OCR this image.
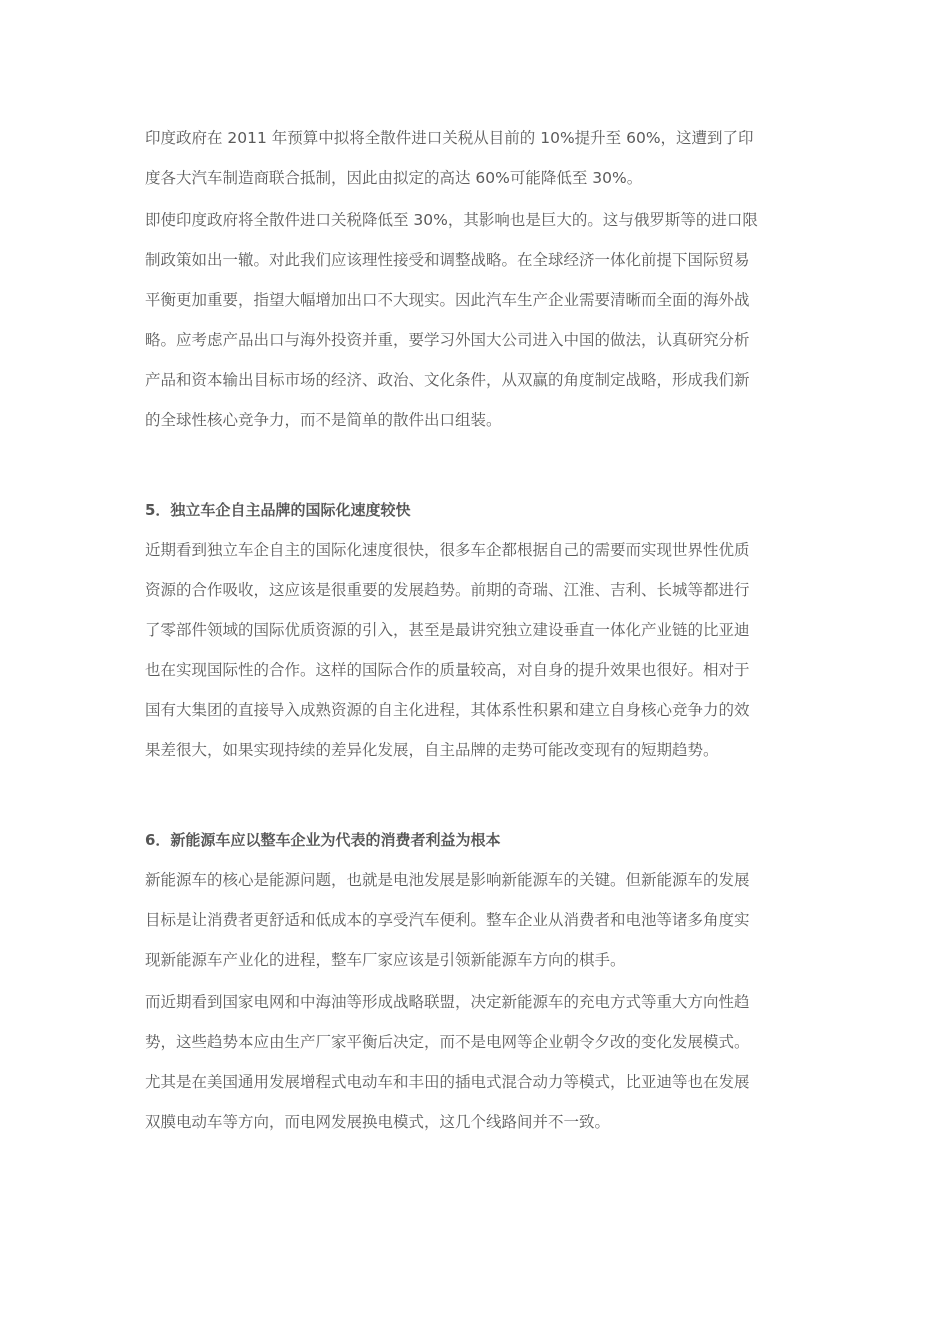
印度政府在 2011 年预算中拟将全散件进口关税从目前的 10%提升至 60%，这遭到了印
度各大汽车制造商联合抵制，因此由拟定的高达 60%可能降低至 30%。
即使印度政府将全散件进口关税降低至 30%，其影响也是巨大的。这与俄罗斯等的进口限
制政策如出一辙。对此我们应该理性接受和调整战略。在全球经济一体化前提下国际贸易
平衡更加重要，指望大幅增加出口不大现实。因此汽车生产企业需要清晰而全面的海外战
略。应考虑产品出口与海外投资并重，要学习外国大公司进入中国的做法，认真研究分析
产品和资本输出目标市场的经济、政治、文化条件，从双赢的角度制定战略，形成我们新
的全球性核心竞争力，而不是简单的散件出口组装。
5．独立车企自主品牌的国际化速度较快
近期看到独立车企自主的国际化速度很快，很多车企都根据自己的需要而实现世界性优质
资源的合作吸收，这应该是很重要的发展趋势。前期的奇瑞、江淮、吉利、长城等都进行
了零部件领域的国际优质资源的引入，甚至是最讲究独立建设垂直一体化产业链的比亚迪
也在实现国际性的合作。这样的国际合作的质量较高，对自身的提升效果也很好。相对于
国有大集团的直接导入成熟资源的自主化进程，其体系性积累和建立自身核心竞争力的效
果差很大，如果实现持续的差异化发展，自主品牌的走势可能改变现有的短期趋势。
6．新能源车应以整车企业为代表的消费者利益为根本
新能源车的核心是能源问题，也就是电池发展是影响新能源车的关键。但新能源车的发展
目标是让消费者更舒适和低成本的享受汽车便利。整车企业从消费者和电池等诸多角度实
现新能源车产业化的进程，整车厂家应该是引领新能源车方向的棋手。
而近期看到国家电网和中海油等形成战略联盟，决定新能源车的充电方式等重大方向性趋
势，这些趋势本应由生产厂家平衡后决定，而不是电网等企业朝令夕改的变化发展模式。
尤其是在美国通用发展增程式电动车和丰田的插电式混合动力等模式，比亚迪等也在发展
双膜电动车等方向，而电网发展换电模式，这几个线路间并不一致。
